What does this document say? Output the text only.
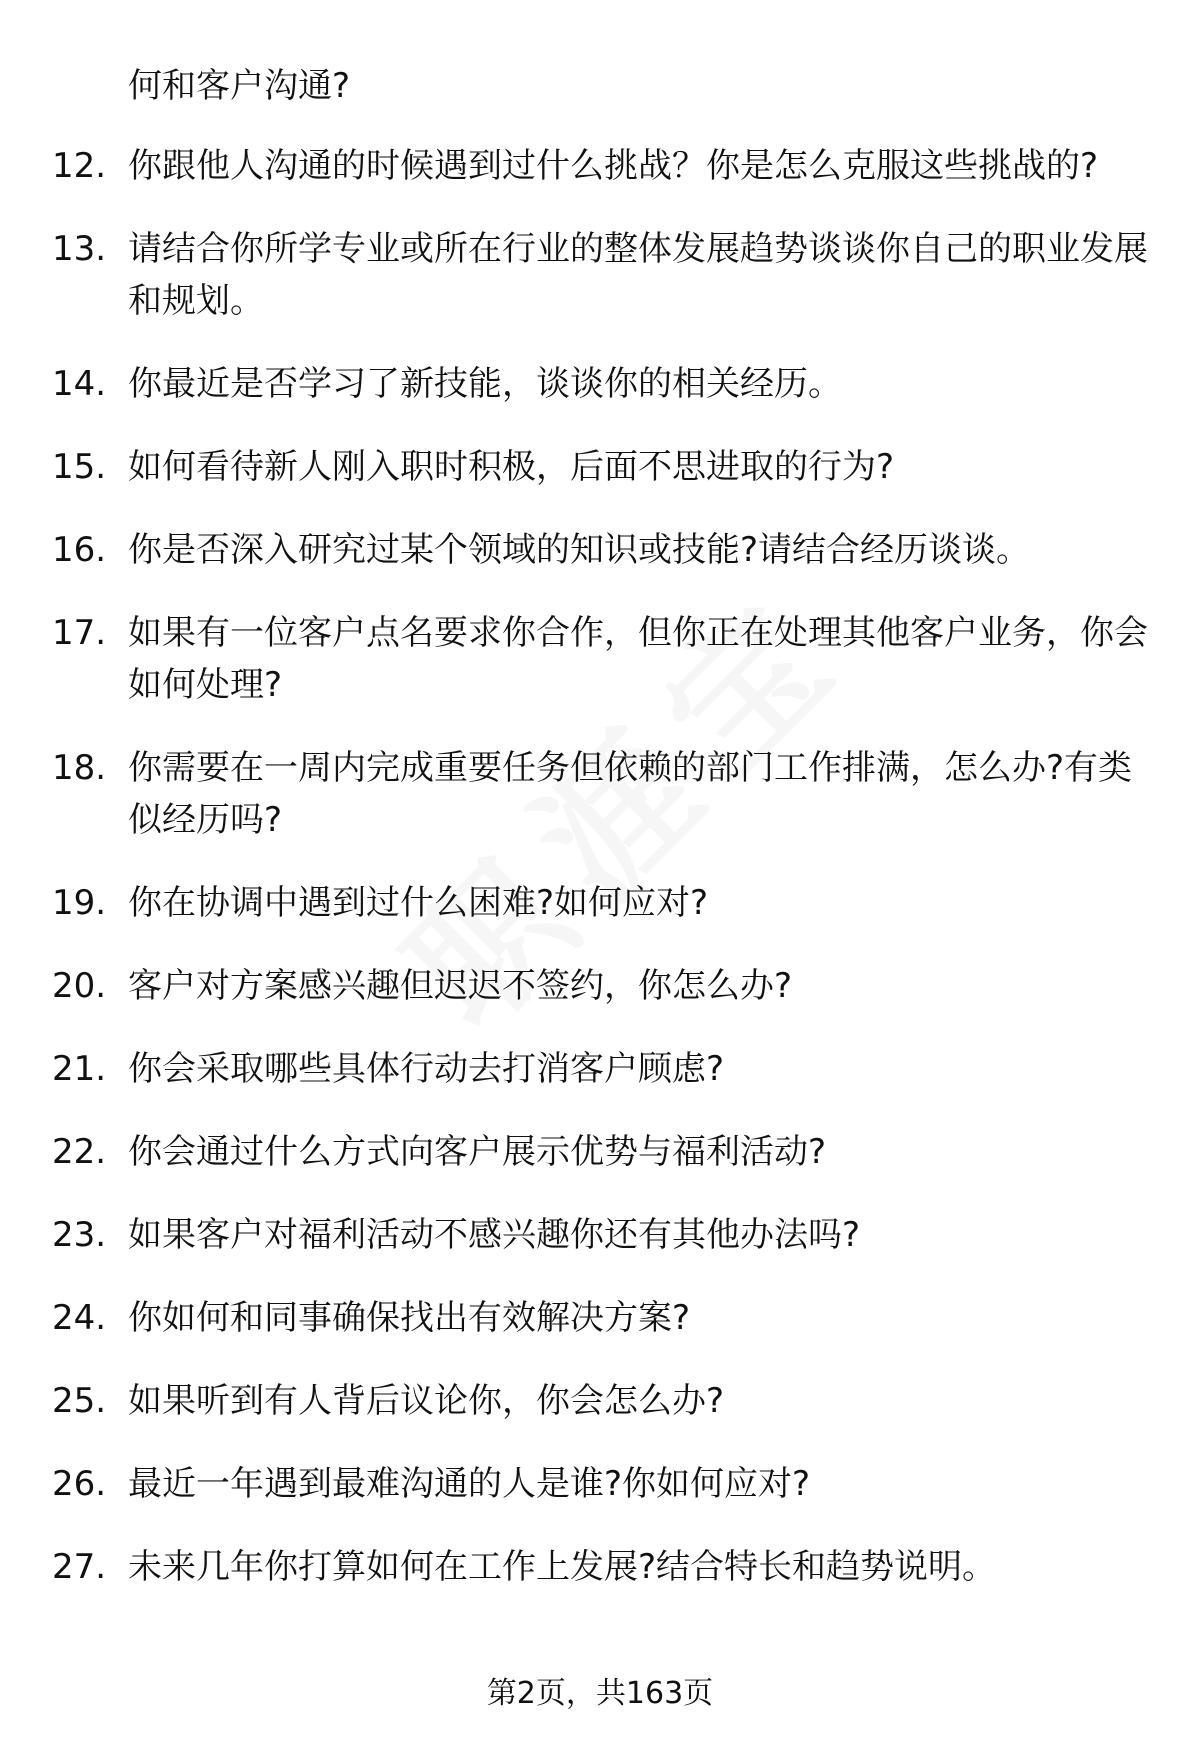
何和客户沟通?
12. 你跟他人沟通的时候遇到过什么挑战？你是怎么克服这些挑战的?
13. 请结合你所学专业或所在行业的整体发展趋势谈谈你自己的职业发展和规划。
14. 你最近是否学习了新技能，谈谈你的相关经历。
15. 如何看待新人刚入职时积极，后面不思进取的行为?
16. 你是否深入研究过某个领域的知识或技能?请结合经历谈谈。
17. 如果有一位客户点名要求你合作，但你正在处理其他客户业务，你会如何处理?
18. 你需要在一周内完成重要任务但依赖的部门工作排满，怎么办?有类似经历吗?
19. 你在协调中遇到过什么困难?如何应对?
20. 客户对方案感兴趣但迟迟不签约，你怎么办?
21. 你会采取哪些具体行动去打消客户顾虑?
22. 你会通过什么方式向客户展示优势与福利活动?
23. 如果客户对福利活动不感兴趣你还有其他办法吗?
24. 你如何和同事确保找出有效解决方案?
25. 如果听到有人背后议论你，你会怎么办?
26. 最近一年遇到最难沟通的人是谁?你如何应对?
27. 未来几年你打算如何在工作上发展?结合特长和趋势说明。
第2页，共163页
